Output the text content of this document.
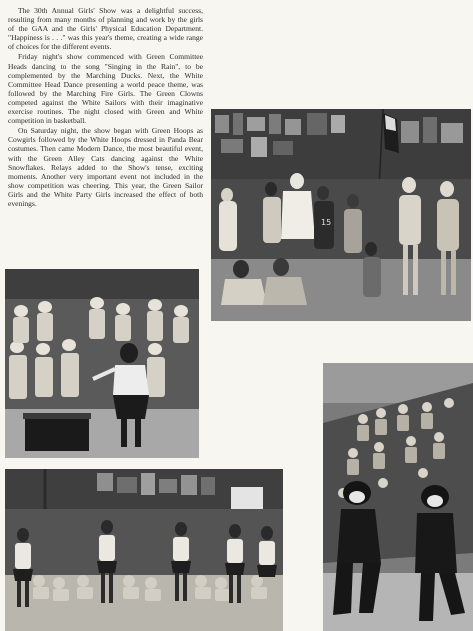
The 30th Annual Girls' Show was a delightful success, resulting from many months of planning and work by the girls of the GAA and the Girls' Physical Education Department. "Happiness is . . ." was this year's theme, creating a wide range of choices for the different events.

Friday night's show commenced with Green Committee Heads dancing to the song "Singing in the Rain", to be complemented by the Marching Ducks. Next, the White Committee Head Dance presenting a world peace theme, was followed by the Marching Fire Girls. The Green Clowns competed against the White Sailors with their imaginative exercise routines. The night closed with Green and White competition in basketball.

On Saturday night, the show began with Green Hoops as Cowgirls followed by the White Hoops dressed in Panda Bear costumes. Then came Modern Dance, the most beautiful event, with the Green Alley Cats dancing against the White Snowflakes. Relays added to the Show's tense, exciting moments. Another very important event not included in the show competition was cheering. This year, the Green Sailor Girls and the White Party Girls increased the effect of both evenings.

15
